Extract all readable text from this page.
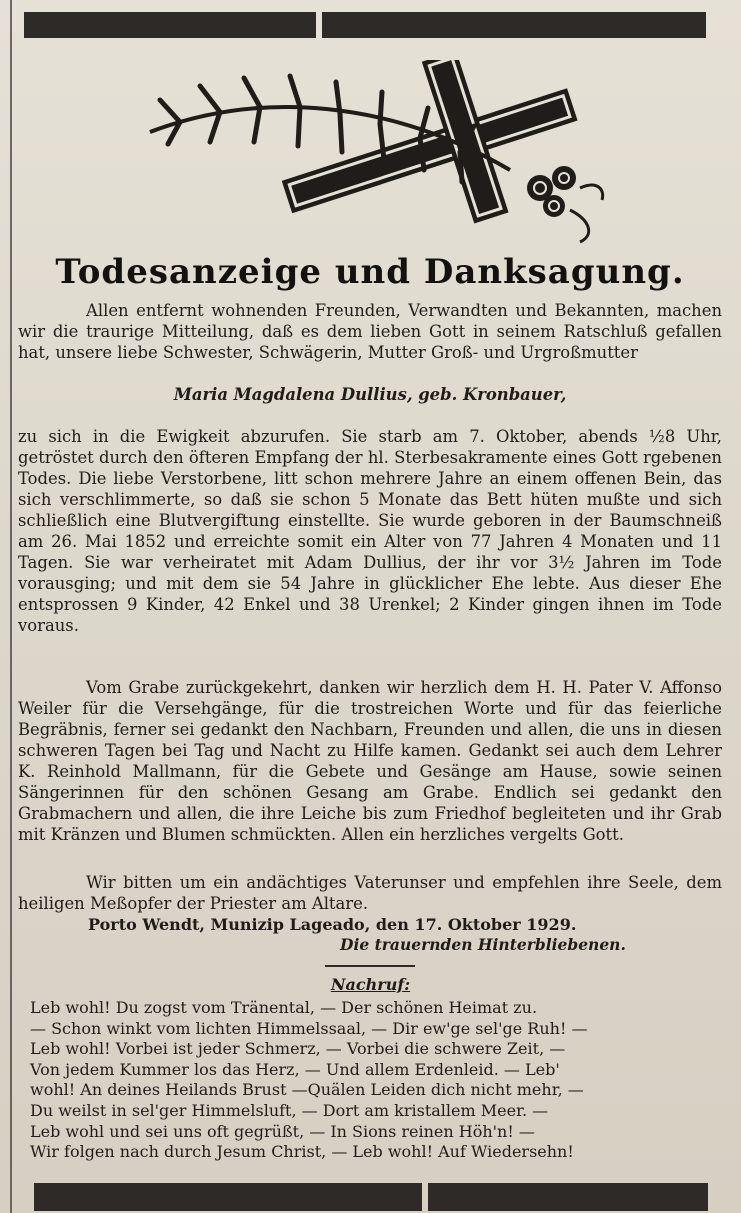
Todesanzeige und Danksagung.

Allen entfernt wohnenden Freunden, Verwandten und Bekannten, machen wir die traurige Mitteilung, daß es dem lieben Gott in seinem Ratschluß gefallen hat, unsere liebe Schwester, Schwägerin, Mutter Groß- und Urgroßmutter

Maria Magdalena Dullius, geb. Kronbauer,

zu sich in die Ewigkeit abzurufen. Sie starb am 7. Oktober, abends ½8 Uhr, getröstet durch den öfteren Empfang der hl. Sterbesakramente eines Gott rgebenen Todes. Die liebe Verstorbene, litt schon mehrere Jahre an einem offenen Bein, das sich verschlimmerte, so daß sie schon 5 Monate das Bett hüten mußte und sich schließlich eine Blutvergiftung einstellte. Sie wurde geboren in der Baumschneiß am 26. Mai 1852 und erreichte somit ein Alter von 77 Jahren 4 Monaten und 11 Tagen. Sie war verheiratet mit Adam Dullius, der ihr vor 3½ Jahren im Tode vorausging; und mit dem sie 54 Jahre in glücklicher Ehe lebte. Aus dieser Ehe entsprossen 9 Kinder, 42 Enkel und 38 Urenkel; 2 Kinder gingen ihnen im Tode voraus.

Vom Grabe zurückgekehrt, danken wir herzlich dem H. H. Pater V. Affonso Weiler für die Versehgänge, für die trostreichen Worte und für das feierliche Begräbnis, ferner sei gedankt den Nachbarn, Freunden und allen, die uns in diesen schweren Tagen bei Tag und Nacht zu Hilfe kamen. Gedankt sei auch dem Lehrer K. Reinhold Mallmann, für die Gebete und Gesänge am Hause, sowie seinen Sängerinnen für den schönen Gesang am Grabe. Endlich sei gedankt den Grabmachern und allen, die ihre Leiche bis zum Friedhof begleiteten und ihr Grab mit Kränzen und Blumen schmückten. Allen ein herzliches vergelts Gott.

Wir bitten um ein andächtiges Vaterunser und empfehlen ihre Seele, dem heiligen Meßopfer der Priester am Altare.

Porto Wendt, Munizip Lageado, den 17. Oktober 1929.
Die trauernden Hinterbliebenen.
Nachruf:
Leb wohl! Du zogst vom Tränental, — Der schönen Heimat zu.
— Schon winkt vom lichten Himmelssaal, — Dir ew'ge sel'ge Ruh! —
Leb wohl! Vorbei ist jeder Schmerz, — Vorbei die schwere Zeit, —
Von jedem Kummer los das Herz, — Und allem Erdenleid. — Leb'
wohl! An deines Heilands Brust —Quälen Leiden dich nicht mehr, —
Du weilst in sel'ger Himmelsluft, — Dort am kristallem Meer. —
Leb wohl und sei uns oft gegrüßt, — In Sions reinen Höh'n! —
Wir folgen nach durch Jesum Christ, — Leb wohl! Auf Wiedersehn!
